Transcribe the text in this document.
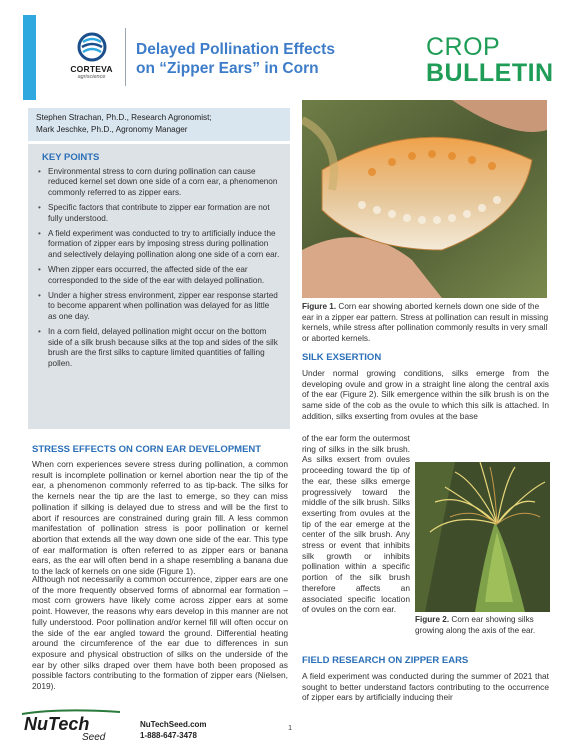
CORTEVA
agriscience
Delayed Pollination Effects
on “Zipper Ears” in Corn
CROP
BULLETIN
Stephen Strachan, Ph.D., Research Agronomist;
Mark Jeschke, Ph.D., Agronomy Manager
KEY POINTS
• Environmental stress to corn during pollination can cause reduced kernel set down one side of a corn ear, a phenomenon commonly referred to as zipper ears.
• Specific factors that contribute to zipper ear formation are not fully understood.
• A field experiment was conducted to try to artificially induce the formation of zipper ears by imposing stress during pollination and selectively delaying pollination along one side of a corn ear.
• When zipper ears occurred, the affected side of the ear corresponded to the side of the ear with delayed pollination.
• Under a higher stress environment, zipper ear response started to become apparent when pollination was delayed for as little as one day.
• In a corn field, delayed pollination might occur on the bottom side of a silk brush because silks at the top and sides of the silk brush are the first silks to capture limited quantities of falling pollen.
STRESS EFFECTS ON CORN EAR DEVELOPMENT

When corn experiences severe stress during pollination, a common result is incomplete pollination or kernel abortion near the tip of the ear, a phenomenon commonly referred to as tip-back. The silks for the kernels near the tip are the last to emerge, so they can miss pollination if silking is delayed due to stress and will be the first to abort if resources are constrained during grain fill. A less common manifestation of pollination stress is poor pollination or kernel abortion that extends all the way down one side of the ear. This type of ear malformation is often referred to as zipper ears or banana ears, as the ear will often bend in a shape resembling a banana due to the lack of kernels on one side (Figure 1).

Although not necessarily a common occurrence, zipper ears are one of the more frequently observed forms of abnormal ear formation – most corn growers have likely come across zipper ears at some point. However, the reasons why ears develop in this manner are not fully understood. Poor pollination and/or kernel fill will often occur on the side of the ear angled toward the ground. Differential heating around the circumference of the ear due to differences in sun exposure and physical obstruction of silks on the underside of the ear by other silks draped over them have both been proposed as possible factors contributing to the formation of zipper ears (Nielsen, 2019).

Figure 1. Corn ear showing aborted kernels down one side of the ear in a zipper ear pattern. Stress at pollination can result in missing kernels, while stress after pollination commonly results in very small or aborted kernels.
SILK EXSERTION

Under normal growing conditions, silks emerge from the developing ovule and grow in a straight line along the central axis of the ear (Figure 2). Silk emergence within the silk brush is on the same side of the cob as the ovule to which this silk is attached. In addition, silks exserting from ovules at the base

of the ear form the outermost ring of silks in the silk brush. As silks exsert from ovules proceeding toward the tip of the ear, these silks emerge progressively toward the middle of the silk brush. Silks exserting from ovules at the tip of the ear emerge at the center of the silk brush. Any stress or event that inhibits silk growth or inhibits pollination within a specific portion of the silk brush therefore affects an associated specific location of ovules on the corn ear.

Figure 2. Corn ear showing silks growing along the axis of the ear.
FIELD RESEARCH ON ZIPPER EARS

A field experiment was conducted during the summer of 2021 that sought to better understand factors contributing to the occurrence of zipper ears by artificially inducing their

NuTech
Seed
NuTechSeed.com
1-888-647-3478
1
